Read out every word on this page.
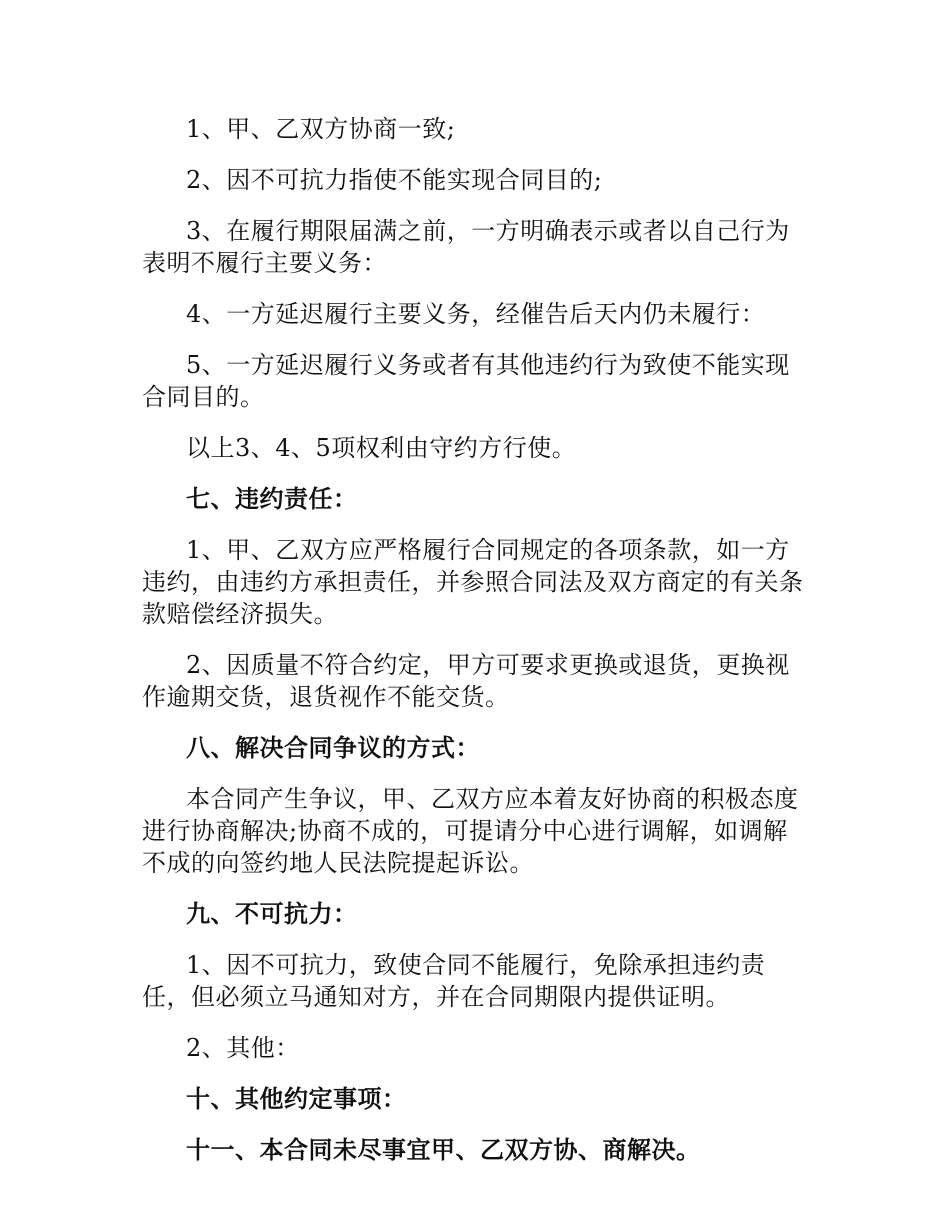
1、甲、乙双方协商一致;

2、因不可抗力指使不能实现合同目的;

3、在履行期限届满之前，一方明确表示或者以自己行为表明不履行主要义务：

4、一方延迟履行主要义务，经催告后天内仍未履行：

5、一方延迟履行义务或者有其他违约行为致使不能实现合同目的。

以上3、4、5项权利由守约方行使。

七、违约责任：

1、甲、乙双方应严格履行合同规定的各项条款，如一方违约，由违约方承担责任，并参照合同法及双方商定的有关条款赔偿经济损失。

2、因质量不符合约定，甲方可要求更换或退货，更换视作逾期交货，退货视作不能交货。

八、解决合同争议的方式：

本合同产生争议，甲、乙双方应本着友好协商的积极态度进行协商解决;协商不成的，可提请分中心进行调解，如调解不成的向签约地人民法院提起诉讼。

九、不可抗力：

1、因不可抗力，致使合同不能履行，免除承担违约责任，但必须立马通知对方，并在合同期限内提供证明。

2、其他：

十、其他约定事项：

十一、本合同未尽事宜甲、乙双方协、商解决。
